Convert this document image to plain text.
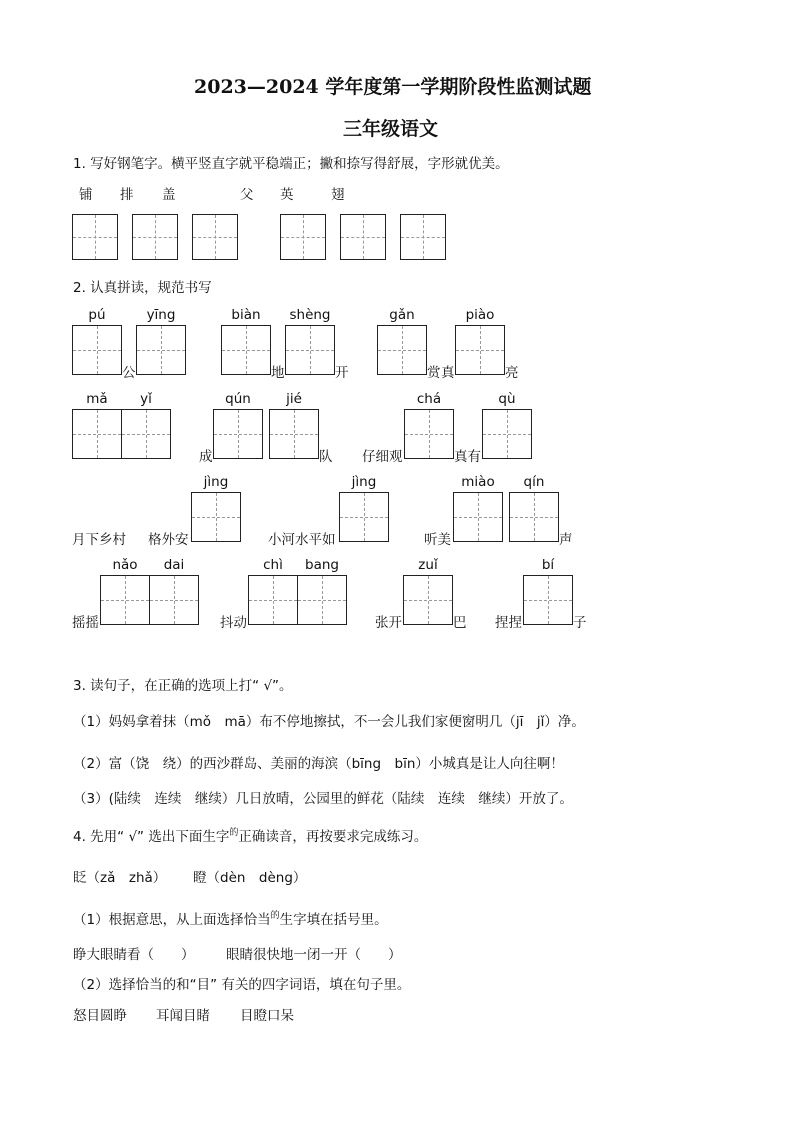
2023—2024 学年度第一学期阶段性监测试题
三年级语文
1. 写好钢笔字。横平竖直字就平稳端正；撇和捺写得舒展，字形就优美。
铺 排 盖	父 英	翅
2. 认真拼读，规范书写
pú	yīng	biàn	shèng	gǎn	piào
公	地	开	赏 真	亮
mǎ	yǐ	qún	jié	chá	qù
成	队 仔细观	真有
jìng	jìng	miào	qín
月下乡村 格外安	小河水平如	听美	声
nǎo	dai	chì	bang	zuǐ	bí
摇摇	抖动	张开	巴 捏捏	子
3. 读句子，在正确的选项上打“ √”。
（1）妈妈拿着抹（mǒ　mā）布不停地擦拭，不一会儿我们家便窗明几（jī　jǐ）净。
（2）富（饶　绕）的西沙群岛、美丽的海滨（bīng　bīn）小城真是让人向往啊！
（3）(陆续　连续　继续）几日放晴，公园里的鲜花（陆续　连续　继续）开放了。
4. 先用“ √” 选出下面生字$^的$正确读音，再按要求完成练习。
眨（zǎ　zhǎ） 瞪（dèn　dèng）
（1）根据意思，从上面选择恰当$^的$生字填在括号里。
睁大眼睛看（　　） 眼睛很快地一闭一开（　　）
（2）选择恰当的和“目” 有关的四字词语，填在句子里。
怒目圆睁 耳闻目睹 目瞪口呆
